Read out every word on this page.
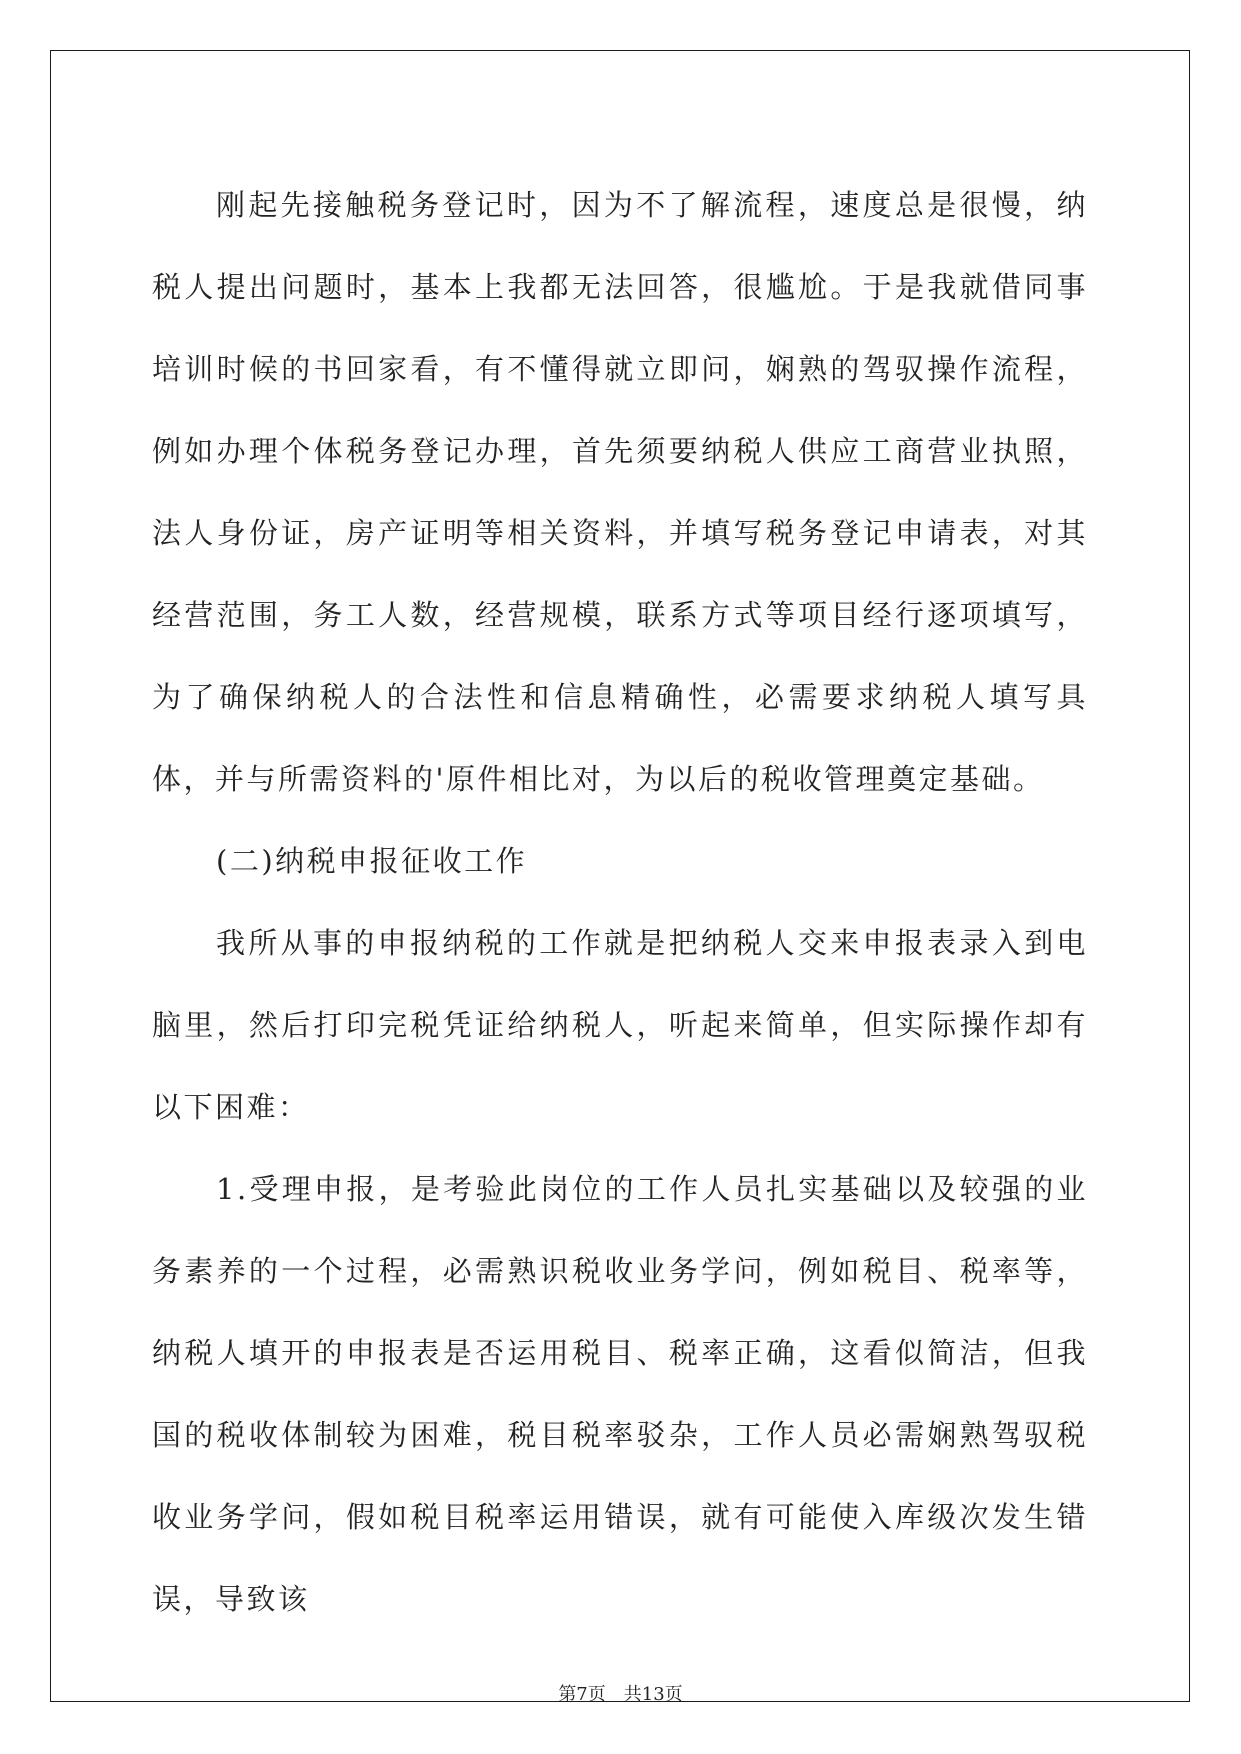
刚起先接触税务登记时，因为不了解流程，速度总是很慢，纳税人提出问题时，基本上我都无法回答，很尴尬。于是我就借同事培训时候的书回家看，有不懂得就立即问，娴熟的驾驭操作流程，例如办理个体税务登记办理，首先须要纳税人供应工商营业执照，法人身份证，房产证明等相关资料，并填写税务登记申请表，对其经营范围，务工人数，经营规模，联系方式等项目经行逐项填写，为了确保纳税人的合法性和信息精确性，必需要求纳税人填写具体，并与所需资料的'原件相比对，为以后的税收管理奠定基础。

(二)纳税申报征收工作

我所从事的申报纳税的工作就是把纳税人交来申报表录入到电脑里，然后打印完税凭证给纳税人，听起来简单，但实际操作却有以下困难：

1.受理申报，是考验此岗位的工作人员扎实基础以及较强的业务素养的一个过程，必需熟识税收业务学问，例如税目、税率等，纳税人填开的申报表是否运用税目、税率正确，这看似简洁，但我国的税收体制较为困难，税目税率驳杂，工作人员必需娴熟驾驭税收业务学问，假如税目税率运用错误，就有可能使入库级次发生错误，导致该

第7页　共13页
